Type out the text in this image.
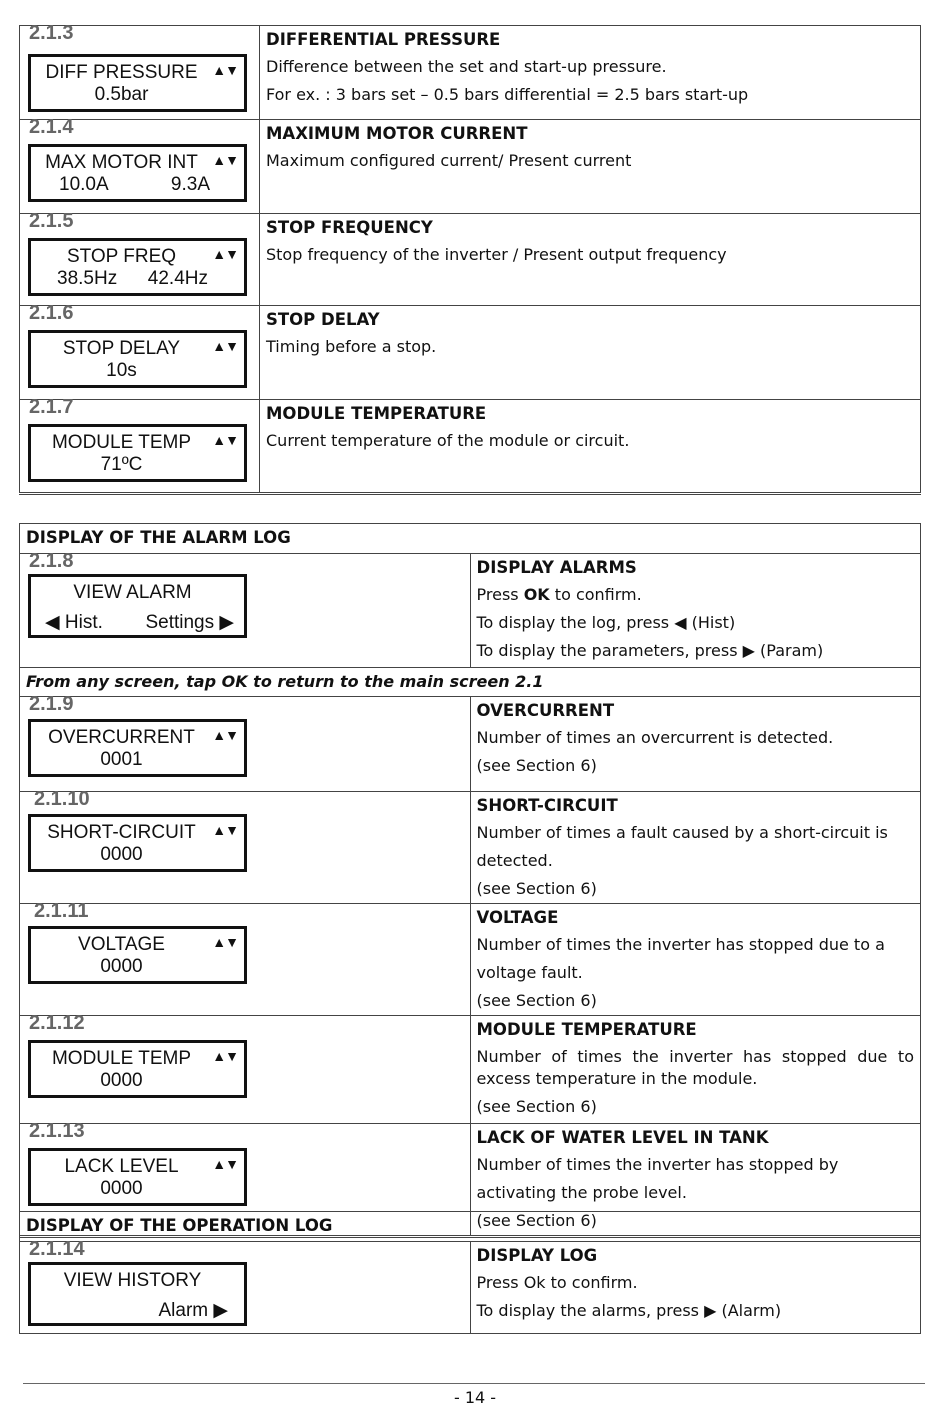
2.1.3
DIFF PRESSURE ▲▼
0.5bar	DIFFERENTIAL PRESSURE
Difference between the set and start-up pressure.
For ex. : 3 bars set – 0.5 bars differential = 2.5 bars start-up

2.1.4
MAX MOTOR INT ▲▼
10.0A 9.3A	MAXIMUM MOTOR CURRENT
Maximum configured current/ Present current

2.1.5
STOP FREQ ▲▼
38.5Hz 42.4Hz	STOP FREQUENCY
Stop frequency of the inverter / Present output frequency

2.1.6
STOP DELAY ▲▼
10s	STOP DELAY
Timing before a stop.

2.1.7
MODULE TEMP ▲▼
71ºC	MODULE TEMPERATURE
Current temperature of the module or circuit.
DISPLAY OF THE ALARM LOG	

2.1.8
VIEW ALARM
◀ Hist. Settings ▶	DISPLAY ALARMS
Press OK to confirm.
To display the log, press ◀ (Hist)
To display the parameters, press ▶ (Param)

From any screen, tap OK to return to the main screen 2.1	

2.1.9
OVERCURRENT ▲▼
0001	OVERCURRENT
Number of times an overcurrent is detected.
(see Section 6)

2.1.10
SHORT-CIRCUIT ▲▼
0000	SHORT-CIRCUIT
Number of times a fault caused by a short-circuit is detected.
(see Section 6)

2.1.11
VOLTAGE ▲▼
0000	VOLTAGE
Number of times the inverter has stopped due to a voltage fault.
(see Section 6)

2.1.12
MODULE TEMP ▲▼
0000	MODULE TEMPERATURE
Number of times the inverter has stopped due to excess temperature in the module.
(see Section 6)

2.1.13
LACK LEVEL ▲▼
0000	LACK OF WATER LEVEL IN TANK
Number of times the inverter has stopped by activating the probe level.
(see Section 6)
DISPLAY OF THE OPERATION LOG

2.1.14
VIEW HISTORY
Alarm ▶

DISPLAY LOG
Press Ok to confirm.
To display the alarms, press ▶ (Alarm)
- 14 -
